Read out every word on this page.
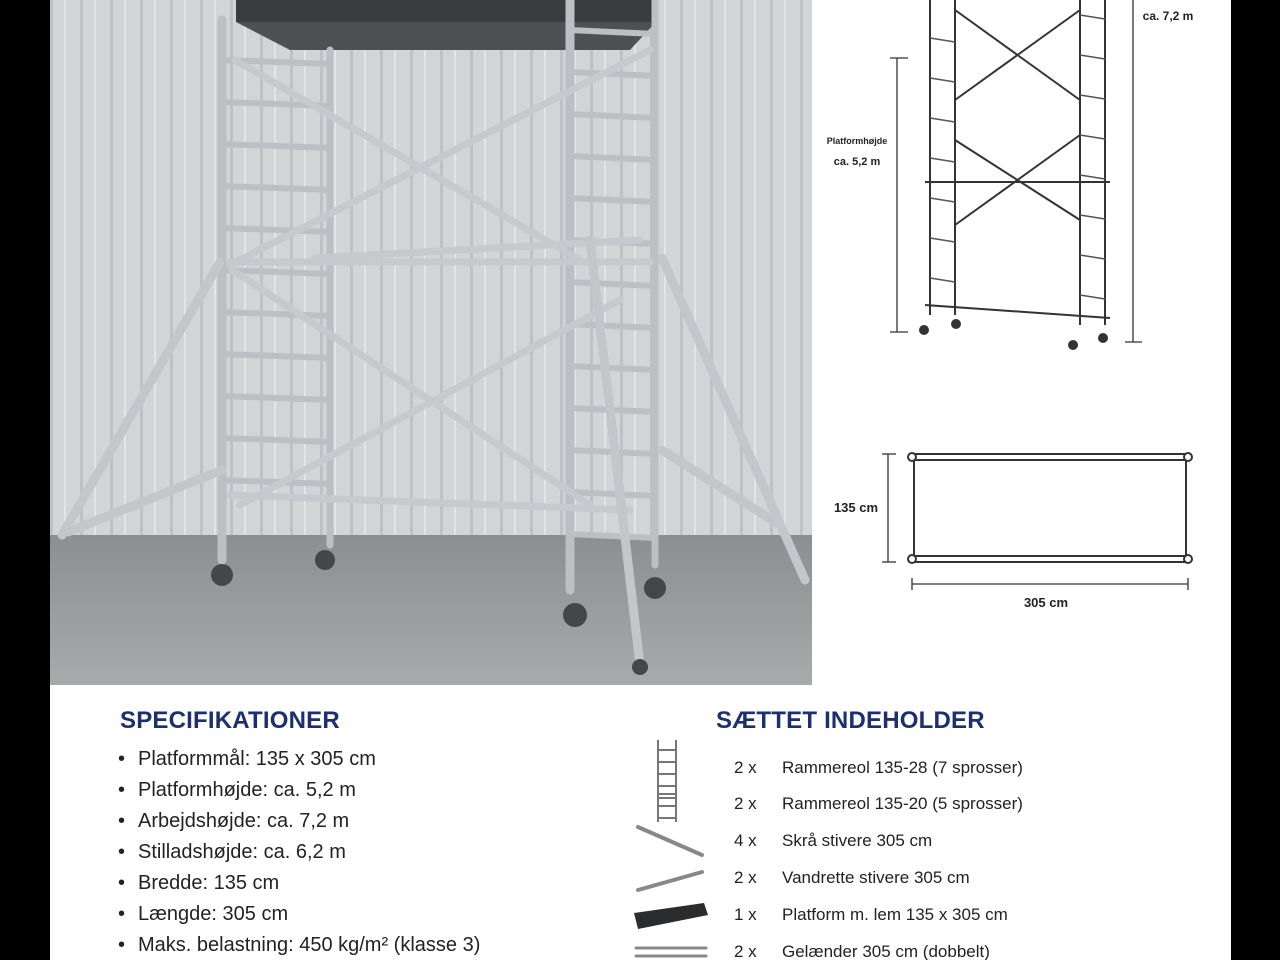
Platformhøjde
ca. 5,2 m
ca. 7,2 m
135 cm
305 cm
SPECIFIKATIONER
• Platformmål: 135 x 305 cm
• Platformhøjde: ca. 5,2 m
• Arbejdshøjde: ca. 7,2 m
• Stilladshøjde: ca. 6,2 m
• Bredde: 135 cm
• Længde: 305 cm
• Maks. belastning: 450 kg/m² (klasse 3)
SÆTTET INDEHOLDER
2 x Rammereol 135-28 (7 sprosser)
2 x Rammereol 135-20 (5 sprosser)
4 x Skrå stivere 305 cm
2 x Vandrette stivere 305 cm
1 x Platform m. lem 135 x 305 cm
2 x Gelænder 305 cm (dobbelt)
